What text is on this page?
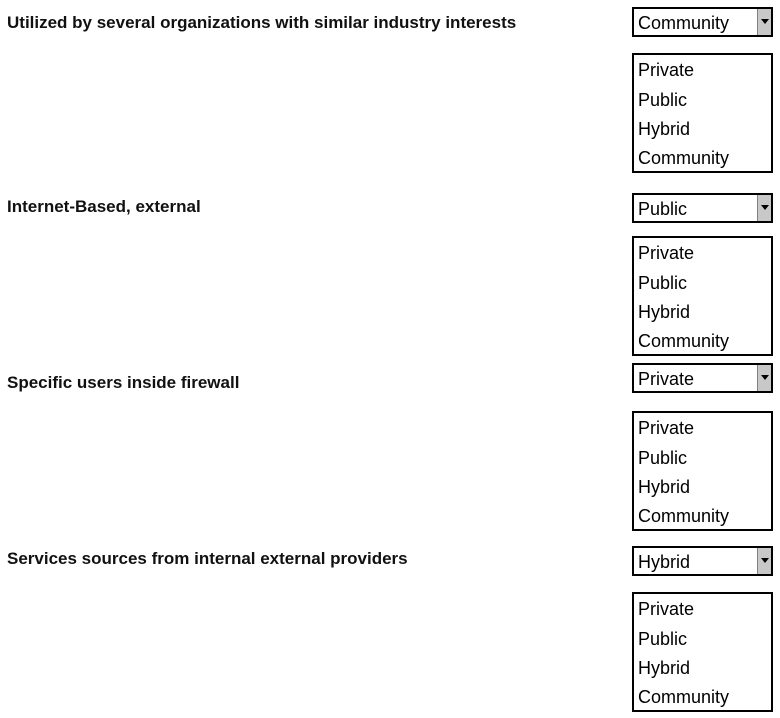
Utilized by several organizations with similar industry interests	Community
Private
Public
Hybrid
Community
Internet-Based, external	Public
Private
Public
Hybrid
Community
Specific users inside firewall	Private
Private
Public
Hybrid
Community
Services sources from internal external providers	Hybrid
Private
Public
Hybrid
Community
